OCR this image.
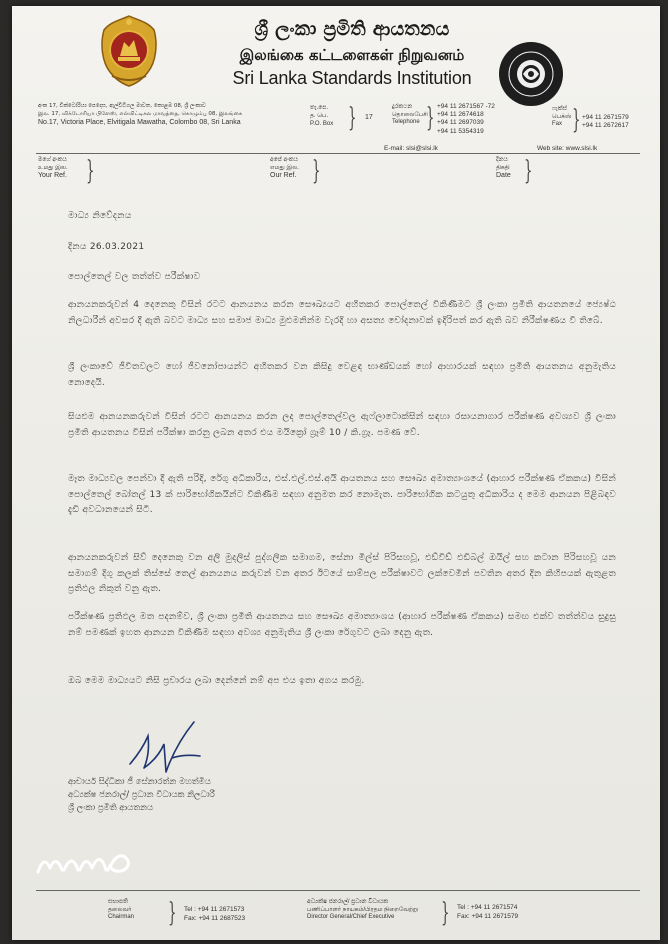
ශ්‍රී ලංකා ප්‍රමිති ආයතනය
இலங்கை கட்டளைகள் நிறுவனம்
Sri Lanka Standards Institution
අංක 17, වික්ටෝරියා පෙදෙස, ඇල්විටිගල මාවත, කොළඹ 08, ශ්‍රී ලංකාව
இல. 17, விக்டோரியா பிளேஸ், எல்விட்டிகல மாவத்தை, கொழும்பு 08, இலங்கை
No.17, Victoria Place, Elvitigala Mawatha, Colombo 08, Sri Lanka
තැ.පෙ.
த. பெ.
P.O. Box } 17
දුරකථන
தொலைபேசி
Telephone } +94 11 2671567 -72
+94 11 2674618
+94 11 2697039
+94 11 5354319
ෆැක්ස්
பெக்ஸ்
Fax } +94 11 2671579
+94 11 2672617
E-mail: slsi@slsi.lk	Web site: www.slsi.lk
මගේ අංකය
உமது இல.
Your Ref. }	අපේ අංකය
எமது இல.
Our Ref. }	දිනය
திகதி
Date }
මාධ්‍ය නිවේදනය
දිනය 26.03.2021
පොල්තෙල් වල තත්ත්ව පරීක්ෂාව
ආනයනකරුවන් 4 දෙනෙකු විසින් රටට ආනයනය කරන සෞඛ්‍යයට අහිතකර පොල්තෙල් විකිණීමට ශ්‍රී ලංකා ප්‍රමිති ආයතනයේ ජ්‍යෙෂ්ඨ නිලධාරීන් අවසර දී ඇති බවට මාධ්‍ය සහ සමාජ මාධ්‍ය මුළුමනින්ම වැරදි හා අසත්‍ය චෝදනාවක් ඉදිරිපත් කර ඇති බව නිරීක්ෂණය වී තිබේ.
ශ්‍රී ලංකාවේ ජීවිතවලට හෝ ජීවනෝපායන්ට අහිතකර වන කිසිදු වෙළඳ භාණ්ඩයක් හෝ ආහාරයක් සඳහා ප්‍රමිති ආයතනය අනුමැතිය නොදෙයි.
සියළුම ආනයනකරුවන් විසින් රටට ආනයනය කරන ලද පොල්තෙල්වල ඇෆ්ලාටොක්සින් සඳහා රසායනාගාර පරීක්ෂණ අවශ්‍යව ශ්‍රී ලංකා ප්‍රමිති ආයතනය විසින් පරීක්ෂා කරනු ලබන අතර එය මයික්‍රෝ ග්‍රෑම් 10 / කි.ග්‍රෑ. පමණ වේ.
මෑත මාධ්‍යවල පෙන්වා දී ඇති පරිදි, රේගු අධිකාරිය, එස්.එල්.එස්.අයි ආයතනය සහ සෞඛ්‍ය අමාත්‍යාංශයේ (ආහාර පරීක්ෂණ ඒකකය) විසින් පොල්තෙල් බෝතල් 13 ක් පාරිභෝගිකයින්ට විකිණීම සඳහා අනුමත කර නොමැත. පාරිභෝගික කටයුතු අධිකාරිය ද මෙම ආනයන පිළිබඳව දැඩි අවධානයෙන් සිටී.
ආනයනකරුවන් සිව් දෙනෙකු වන අලි මුදලිස් පුද්ගලික සමාගම, සේනා මිල්ස් පිරිසහවූ, එඩ්විඩ් එඩිබල් ඔයිල් සහ කටාන පිරිසහවූ යන සමාගම් දිගු කලක් තිස්සේ තෙල් ආනයනය කරුවන් වන අතර ඊටයේ සාම්පල පරීක්ෂාවට ලක්වෙමින් පවතින අතර දින කිහිපයක් ඇතුළත ප්‍රතිඵල නිකුත් වනු ඇත.
පරීක්ෂණ ප්‍රතිඵල මත පදනම්ව, ශ්‍රී ලංකා ප්‍රමිති ආයතනය සහ සෞඛ්‍ය අමාත්‍යාංශය (ආහාර පරීක්ෂණ ඒකකය) සමඟ එක්ව තත්ත්වය සුදුසු නම් පමණක් ඉහත ආනයන විකිණීම සඳහා අවශ්‍ය අනුමැතිය ශ්‍රී ලංකා රේගුවට ලබා දෙනු ඇත.
ඔබ මෙම මාධ්‍යයට නිසි ප්‍රචාරය ලබා දෙන්නේ නම් අප එය ඉතා අගය කරමු.
ආචාර්ය සිද්ධිකා ජී සේනාරත්න මහත්මිය
අධ්‍යක්ෂ ජනරාල්/ ප්‍රධාන විධායක නිලධාරී
ශ්‍රී ලංකා ප්‍රමිති ආයතනය
සභාපති
தலைவர்
Chairman } Tel : +94 11 2671573
Fax: +94 11 2687523
අධ්‍යක්ෂ ජනරාල්/ ප්‍රධාන විධායක
பணிப்பாளர் நாயகம்/பிரதம நிறைவேற்று
Director General/Chief Executive	} Tel : +94 11 2671574
Fax: +94 11 2671579
